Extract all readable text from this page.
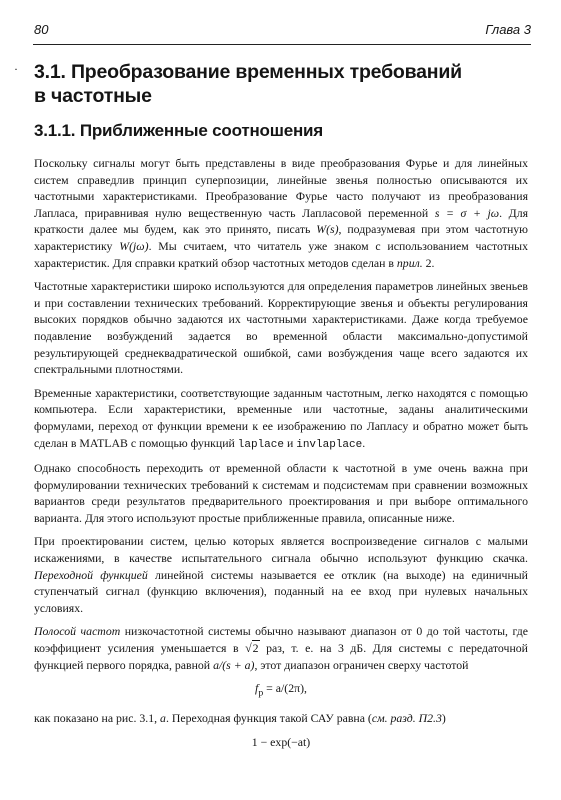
80	Глава 3
· 3.1. Преобразование временных требований
в частотные
3.1.1. Приближенные соотношения

Поскольку сигналы могут быть представлены в виде преобразования Фурье и для линейных систем справедлив принцип суперпозиции, линейные звенья полностью описываются их частотными характеристиками. Преобразование Фурье часто получают из преобразования Лапласа, приравнивая нулю вещественную часть Лапласовой переменной s = σ + jω. Для краткости далее мы будем, как это принято, писать W(s), подразумевая при этом частотную характеристику W(jω). Мы считаем, что читатель уже знаком с использованием частотных характеристик. Для справки краткий обзор частотных методов сделан в прил. 2.

Частотные характеристики широко используются для определения параметров линейных звеньев и при составлении технических требований. Корректирующие звенья и объекты регулирования высоких порядков обычно задаются их частотными характеристиками. Даже когда требуемое подавление возбуждений задается во временной области максимально-допустимой результирующей среднеквадратической ошибкой, сами возбуждения чаще всего задаются их спектральными плотностями.

Временные характеристики, соответствующие заданным частотным, легко находятся с помощью компьютера. Если характеристики, временные или частотные, заданы аналитическими формулами, переход от функции времени к ее изображению по Лапласу и обратно может быть сделан в MATLAB с помощью функций laplace и invlaplace.

Однако способность переходить от временной области к частотной в уме очень важна при формулировании технических требований к системам и подсистемам при сравнении возможных вариантов среди результатов предварительного проектирования и при выборе оптимального варианта. Для этого используют простые приближенные правила, описанные ниже.

При проектировании систем, целью которых является воспроизведение сигналов с малыми искажениями, в качестве испытательного сигнала обычно используют функцию скачка. Переходной функцией линейной системы называется ее отклик (на выходе) на единичный ступенчатый сигнал (функцию включения), поданный на ее вход при нулевых начальных условиях.

Полосой частот низкочастотной системы обычно называют диапазон от 0 до той частоты, где коэффициент усиления уменьшается в √2 раз, т. е. на 3 дБ. Для системы с передаточной функцией первого порядка, равной a/(s + a), этот диапазон ограничен сверху частотой

$f_р = a/(2\pi)$,

как показано на рис. 3.1, а. Переходная функция такой САУ равна (см. разд. П2.3)

1 − exp(−at)
